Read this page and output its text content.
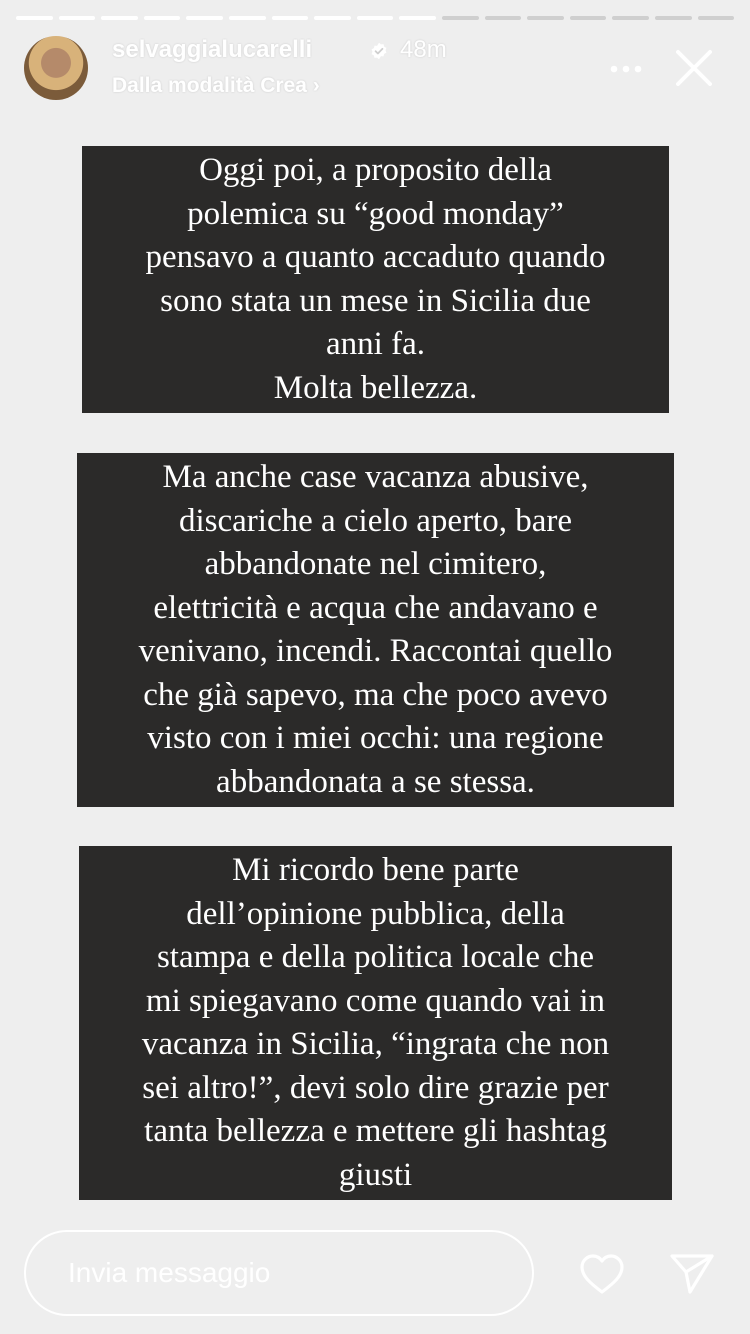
selvaggialucarelli	48m
Dalla modalità Crea ›
Oggi poi, a proposito della
polemica su “good monday”
pensavo a quanto accaduto quando
sono stata un mese in Sicilia due
anni fa.
Molta bellezza.
Ma anche case vacanza abusive,
discariche a cielo aperto, bare
abbandonate nel cimitero,
elettricità e acqua che andavano e
venivano, incendi. Raccontai quello
che già sapevo, ma che poco avevo
visto con i miei occhi: una regione
abbandonata a se stessa.
Mi ricordo bene parte
dell’opinione pubblica, della
stampa e della politica locale che
mi spiegavano come quando vai in
vacanza in Sicilia, “ingrata che non
sei altro!”, devi solo dire grazie per
tanta bellezza e mettere gli hashtag
giusti
Invia messaggio
